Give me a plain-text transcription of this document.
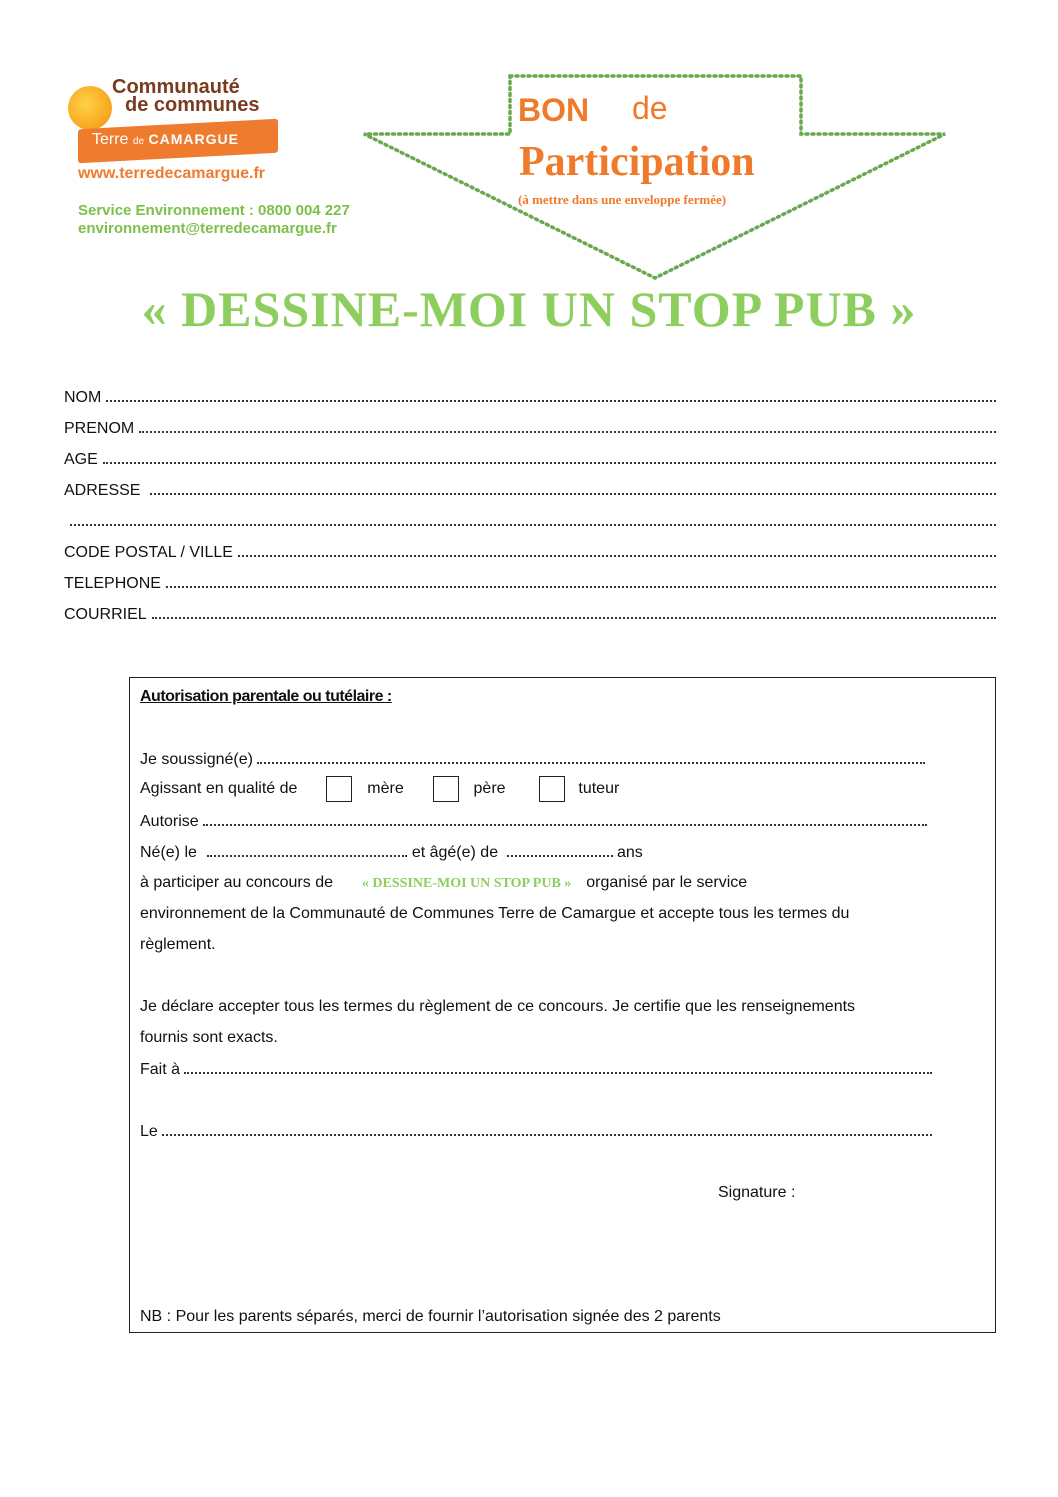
Communauté
de communes
Terre de CAMARGUE
www.terredecamargue.fr
Service Environnement : 0800 004 227
environnement@terredecamargue.fr
BON de
Participation
(à mettre dans une enveloppe fermée)
« DESSINE-MOI UN STOP PUB »
NOM
PRENOM
AGE
ADRESSE
CODE POSTAL / VILLE
TELEPHONE
COURRIEL
Autorisation parentale ou tutélaire :
Je soussigné(e)
Agissant en qualité de	mère	père	tuteur
Autorise
Né(e) le	et âgé(e) de	ans
à participer au concours de « DESSINE-MOI UN STOP PUB » organisé par le service
environnement de la Communauté de Communes Terre de Camargue et accepte tous les termes du
règlement.
Je déclare accepter tous les termes du règlement de ce concours. Je certifie que les renseignements
fournis sont exacts.
Fait à
Le
Signature :
NB : Pour les parents séparés, merci de fournir l’autorisation signée des 2 parents
